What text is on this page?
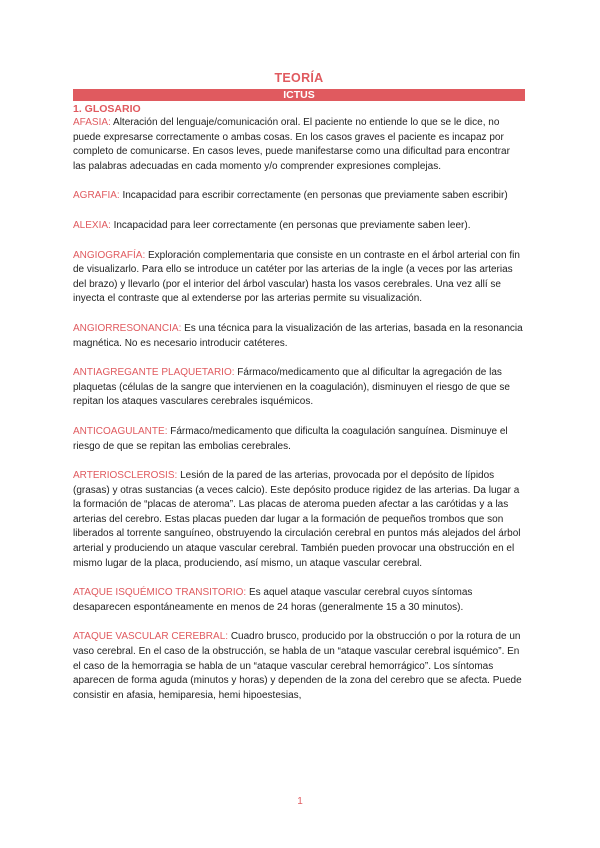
TEORÍA
ICTUS
1. GLOSARIO
AFASIA: Alteración del lenguaje/comunicación oral. El paciente no entiende lo que se le dice, no puede expresarse correctamente o ambas cosas. En los casos graves el paciente es incapaz por completo de comunicarse. En casos leves, puede manifestarse como una dificultad para encontrar las palabras adecuadas en cada momento y/o comprender expresiones complejas.
AGRAFIA: Incapacidad para escribir correctamente (en personas que previamente saben escribir)
ALEXIA: Incapacidad para leer correctamente (en personas que previamente saben leer).
ANGIOGRAFÍA: Exploración complementaria que consiste en un contraste en el árbol arterial con fin de visualizarlo. Para ello se introduce un catéter por las arterias de la ingle (a veces por las arterias del brazo) y llevarlo (por el interior del árbol vascular) hasta los vasos cerebrales. Una vez allí se inyecta el contraste que al extenderse por las arterias permite su visualización.
ANGIORRESONANCIA: Es una técnica para la visualización de las arterias, basada en la resonancia magnética. No es necesario introducir catéteres.
ANTIAGREGANTE PLAQUETARIO: Fármaco/medicamento que al dificultar la agregación de las plaquetas (células de la sangre que intervienen en la coagulación), disminuyen el riesgo de que se repitan los ataques vasculares cerebrales isquémicos.
ANTICOAGULANTE: Fármaco/medicamento que dificulta la coagulación sanguínea. Disminuye el riesgo de que se repitan las embolias cerebrales.
ARTERIOSCLEROSIS: Lesión de la pared de las arterias, provocada por el depósito de lípidos (grasas) y otras sustancias (a veces calcio). Este depósito produce rigidez de las arterias. Da lugar a la formación de “placas de ateroma”. Las placas de ateroma pueden afectar a las carótidas y a las arterias del cerebro. Estas placas pueden dar lugar a la formación de pequeños trombos que son liberados al torrente sanguíneo, obstruyendo la circulación cerebral en puntos más alejados del árbol arterial y produciendo un ataque vascular cerebral. También pueden provocar una obstrucción en el mismo lugar de la placa, produciendo, así mismo, un ataque vascular cerebral.
ATAQUE ISQUÉMICO TRANSITORIO: Es aquel ataque vascular cerebral cuyos síntomas desaparecen espontáneamente en menos de 24 horas (generalmente 15 a 30 minutos).
ATAQUE VASCULAR CEREBRAL: Cuadro brusco, producido por la obstrucción o por la rotura de un vaso cerebral. En el caso de la obstrucción, se habla de un “ataque vascular cerebral isquémico”. En el caso de la hemorragia se habla de un “ataque vascular cerebral hemorrágico”. Los síntomas aparecen de forma aguda (minutos y horas) y dependen de la zona del cerebro que se afecta. Puede consistir en afasia, hemiparesia, hemi hipoestesias,
1
